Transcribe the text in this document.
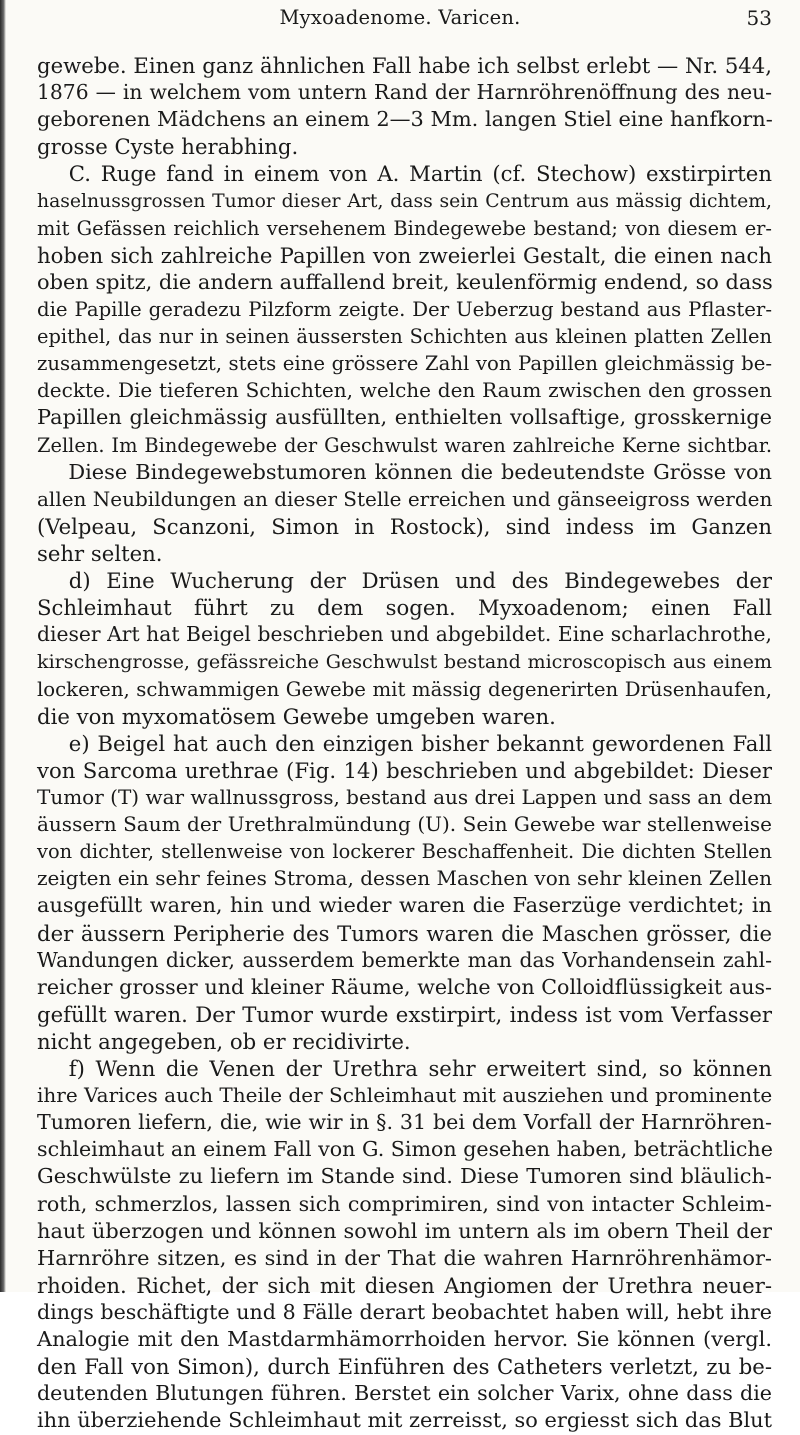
Myxoadenome. Varicen.	53
gewebe. Einen ganz ähnlichen Fall habe ich selbst erlebt — Nr. 544,
1876 — in welchem vom untern Rand der Harnröhrenöffnung des neu-
geborenen Mädchens an einem 2—3 Mm. langen Stiel eine hanfkorn-
grosse Cyste herabhing.
  C. Ruge fand in einem von A. Martin (cf. Stechow) exstirpirten
haselnussgrossen Tumor dieser Art, dass sein Centrum aus mässig dichtem,
mit Gefässen reichlich versehenem Bindegewebe bestand; von diesem er-
hoben sich zahlreiche Papillen von zweierlei Gestalt, die einen nach
oben spitz, die andern auffallend breit, keulenförmig endend, so dass
die Papille geradezu Pilzform zeigte. Der Ueberzug bestand aus Pflaster-
epithel, das nur in seinen äussersten Schichten aus kleinen platten Zellen
zusammengesetzt, stets eine grössere Zahl von Papillen gleichmässig be-
deckte. Die tieferen Schichten, welche den Raum zwischen den grossen
Papillen gleichmässig ausfüllten, enthielten vollsaftige, grosskernige
Zellen. Im Bindegewebe der Geschwulst waren zahlreiche Kerne sichtbar.
  Diese Bindegewebstumoren können die bedeutendste Grösse von
allen Neubildungen an dieser Stelle erreichen und gänseeigross werden
(Velpeau, Scanzoni, Simon in Rostock), sind indess im Ganzen
sehr selten.
  d) Eine Wucherung der Drüsen und des Bindegewebes der
Schleimhaut führt zu dem sogen. Myxoadenom; einen Fall
dieser Art hat Beigel beschrieben und abgebildet. Eine scharlachrothe,
kirschengrosse, gefässreiche Geschwulst bestand microscopisch aus einem
lockeren, schwammigen Gewebe mit mässig degenerirten Drüsenhaufen,
die von myxomatösem Gewebe umgeben waren.
  e) Beigel hat auch den einzigen bisher bekannt gewordenen Fall
von Sarcoma urethrae (Fig. 14) beschrieben und abgebildet: Dieser
Tumor (T) war wallnussgross, bestand aus drei Lappen und sass an dem
äussern Saum der Urethralmündung (U). Sein Gewebe war stellenweise
von dichter, stellenweise von lockerer Beschaffenheit. Die dichten Stellen
zeigten ein sehr feines Stroma, dessen Maschen von sehr kleinen Zellen
ausgefüllt waren, hin und wieder waren die Faserzüge verdichtet; in
der äussern Peripherie des Tumors waren die Maschen grösser, die
Wandungen dicker, ausserdem bemerkte man das Vorhandensein zahl-
reicher grosser und kleiner Räume, welche von Colloidflüssigkeit aus-
gefüllt waren. Der Tumor wurde exstirpirt, indess ist vom Verfasser
nicht angegeben, ob er recidivirte.
  f) Wenn die Venen der Urethra sehr erweitert sind, so können
ihre Varices auch Theile der Schleimhaut mit ausziehen und prominente
Tumoren liefern, die, wie wir in §. 31 bei dem Vorfall der Harnröhren-
schleimhaut an einem Fall von G. Simon gesehen haben, beträchtliche
Geschwülste zu liefern im Stande sind. Diese Tumoren sind bläulich-
roth, schmerzlos, lassen sich comprimiren, sind von intacter Schleim-
haut überzogen und können sowohl im untern als im obern Theil der
Harnröhre sitzen, es sind in der That die wahren Harnröhrenhämor-
rhoiden. Richet, der sich mit diesen Angiomen der Urethra neuer-
dings beschäftigte und 8 Fälle derart beobachtet haben will, hebt ihre
Analogie mit den Mastdarmhämorrhoiden hervor. Sie können (vergl.
den Fall von Simon), durch Einführen des Catheters verletzt, zu be-
deutenden Blutungen führen. Berstet ein solcher Varix, ohne dass die
ihn überziehende Schleimhaut mit zerreisst, so ergiesst sich das Blut
